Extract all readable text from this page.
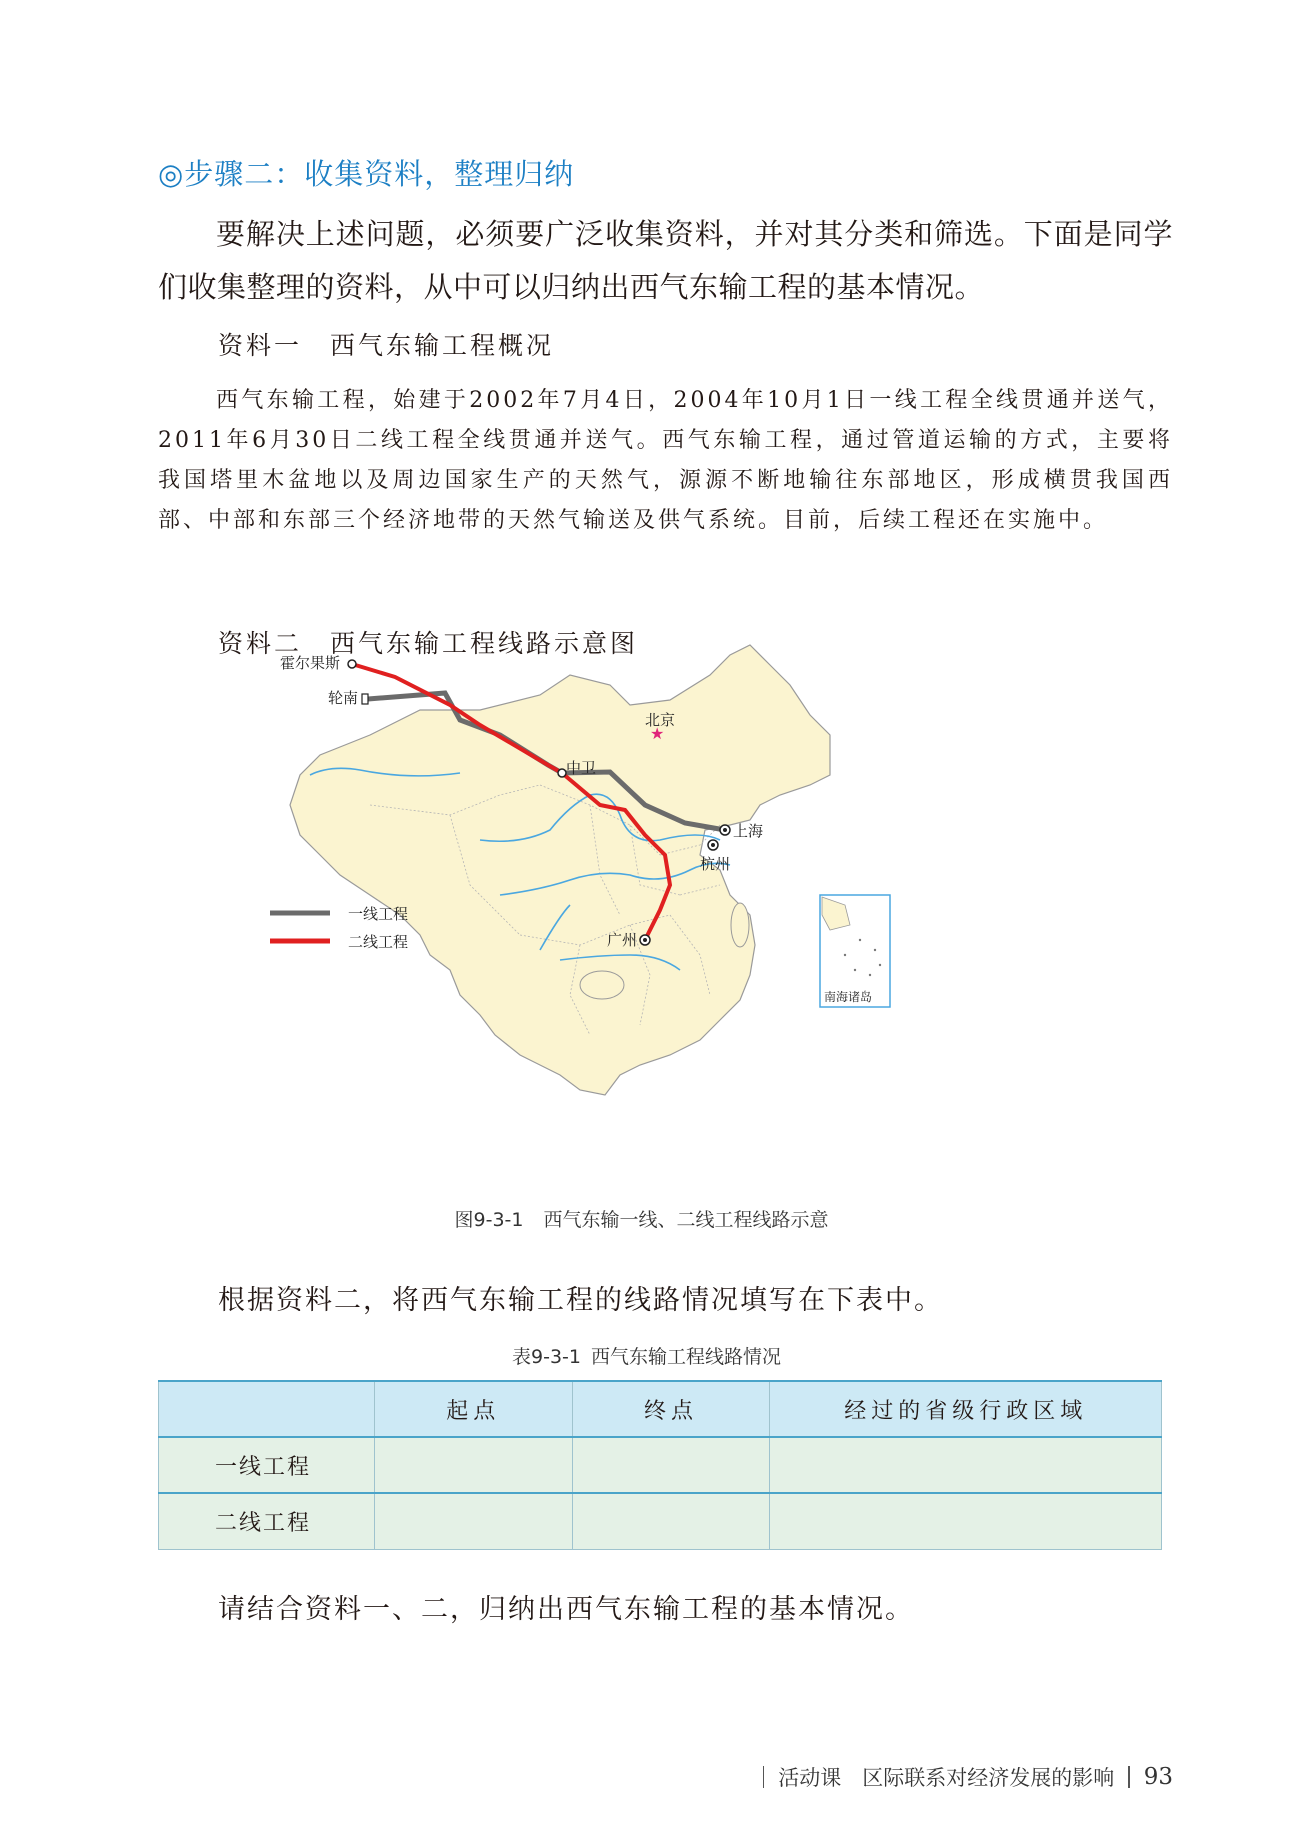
◎步骤二：收集资料，整理归纳

要解决上述问题，必须要广泛收集资料，并对其分类和筛选。下面是同学们收集整理的资料，从中可以归纳出西气东输工程的基本情况。

资料一　西气东输工程概况

西气东输工程，始建于2002年7月4日，2004年10月1日一线工程全线贯通并送气，2011年6月30日二线工程全线贯通并送气。西气东输工程，通过管道运输的方式，主要将我国塔里木盆地以及周边国家生产的天然气，源源不断地输往东部地区，形成横贯我国西部、中部和东部三个经济地带的天然气输送及供气系统。目前，后续工程还在实施中。

资料二　西气东输工程线路示意图
★
霍尔果斯
轮南
北京
中卫
上海
杭州
广州
一线工程
二线工程
南海诸岛
图9-3-1 西气东输一线、二线工程线路示意
根据资料二，将西气东输工程的线路情况填写在下表中。
表9-3-1 西气东输工程线路情况
	起点	终点	经过的省级行政区域
一线工程			
二线工程			
请结合资料一、二，归纳出西气东输工程的基本情况。
活动课　区际联系对经济发展的影响 93
